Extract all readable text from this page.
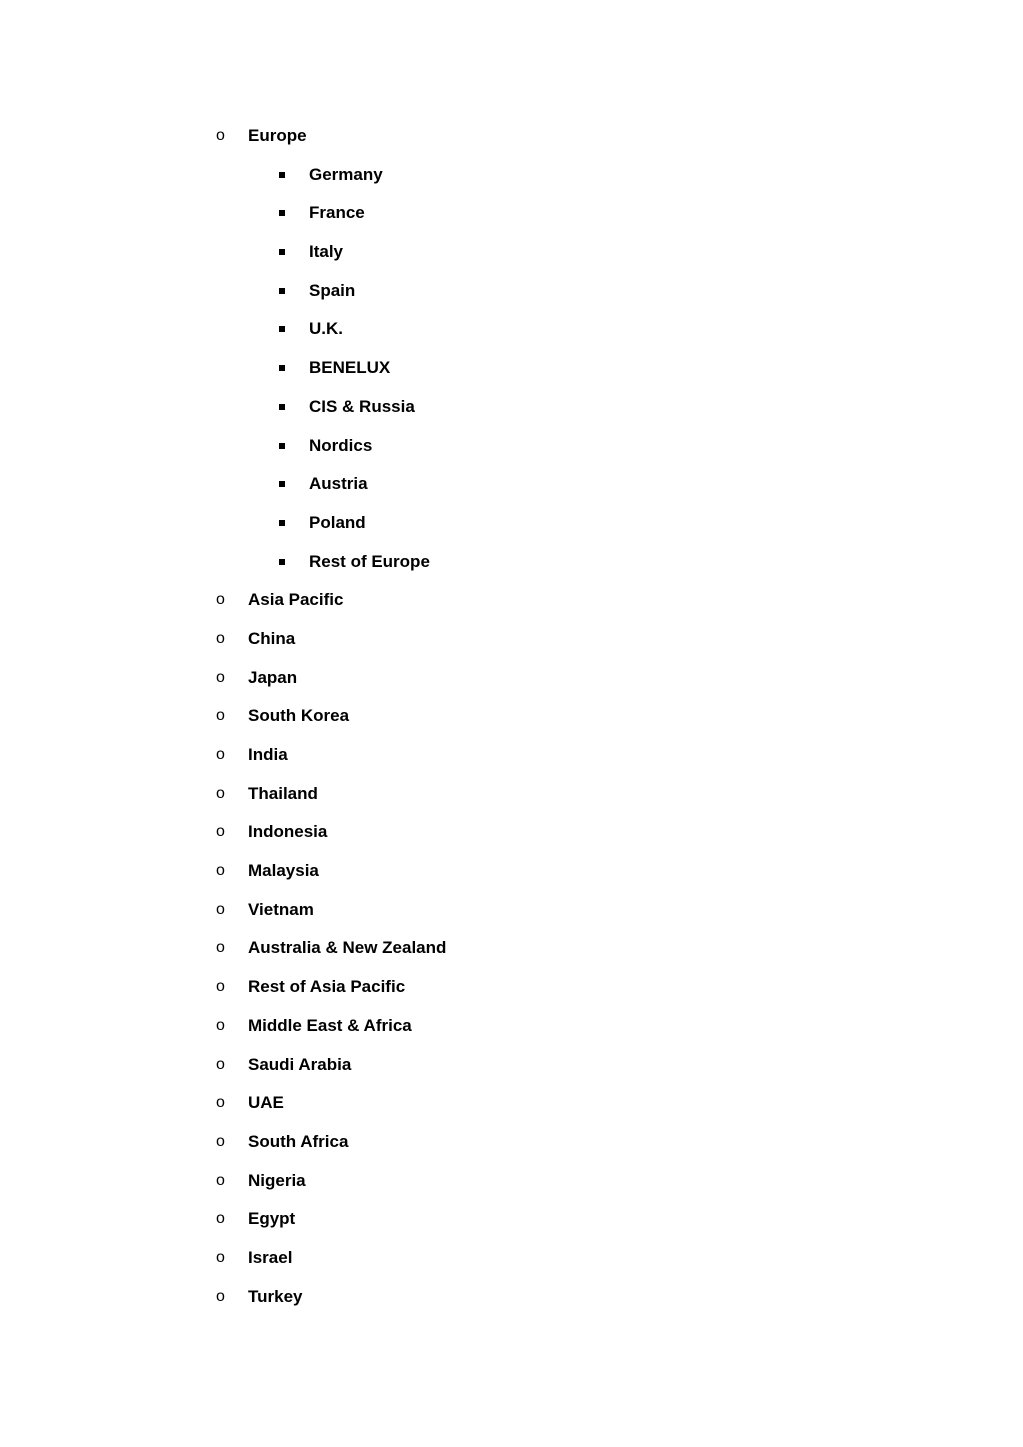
o Europe
Germany
France
Italy
Spain
U.K.
BENELUX
CIS & Russia
Nordics
Austria
Poland
Rest of Europe
o Asia Pacific
o China
o Japan
o South Korea
o India
o Thailand
o Indonesia
o Malaysia
o Vietnam
o Australia & New Zealand
o Rest of Asia Pacific
o Middle East & Africa
o Saudi Arabia
o UAE
o South Africa
o Nigeria
o Egypt
o Israel
o Turkey
